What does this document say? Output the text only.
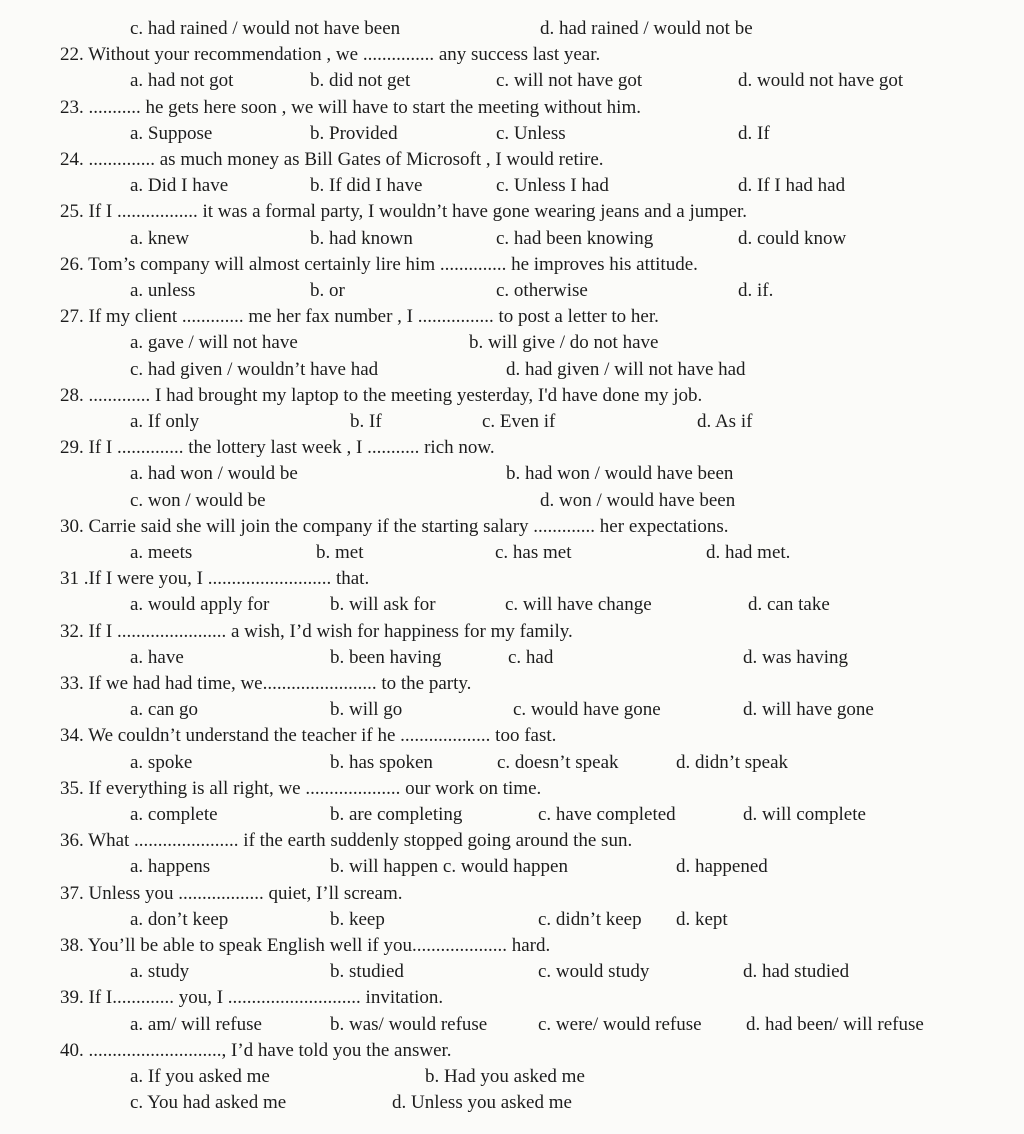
c. had rained / would not have been	d. had rained / would not be
22. Without your recommendation , we ............... any success last year.
a. had not got	b. did not get	c. will not have got	d. would not have got
23. ........... he gets here soon , we will have to start the meeting without him.
a. Suppose	b. Provided	c. Unless	d. If
24. .............. as much money as Bill Gates of Microsoft , I would retire.
a. Did I have	b. If did I have	c. Unless I had	d. If I had had
25. If I ................. it was a formal party, I wouldn’t have gone wearing jeans and a jumper.
a. knew	b. had known	c. had been knowing	d. could know
26. Tom’s company will almost certainly lire him .............. he improves his attitude.
a. unless	b. or	c. otherwise	d. if.
27. If my client ............. me her fax number , I ................ to post a letter to her.
a. gave / will not have	b. will give / do not have
c. had given / wouldn’t have had	d. had given / will not have had
28. ............. I had brought my laptop to the meeting yesterday, I'd have done my job.
a. If only	b. If	c. Even if	d. As if
29. If I .............. the lottery last week , I ........... rich now.
a. had won / would be	b. had won / would have been
c. won / would be	d. won / would have been
30. Carrie said she will join the company if the starting salary ............. her expectations.
a. meets	b. met	c. has met	d. had met.
31 .If I were you, I .......................... that.
a. would apply for	b. will ask for	c. will have change	d. can take
32. If I ....................... a wish, I’d wish for happiness for my family.
a. have	b. been having	c. had	d. was having
33. If we had had time, we........................ to the party.
a. can go	b. will go	c. would have gone	d. will have gone
34. We couldn’t understand the teacher if he ................... too fast.
a. spoke	b. has spoken	c. doesn’t speak	d. didn’t speak
35. If everything is all right, we .................... our work on time.
a. complete	b. are completing	c. have completed	d. will complete
36. What ...................... if the earth suddenly stopped going around the sun.
a. happens	b. will happen c. would happen	d. happened
37. Unless you .................. quiet, I’ll scream.
a. don’t keep	b. keep	c. didn’t keep d. kept
38. You’ll be able to speak English well if you.................... hard.
a. study	b. studied	c. would study	d. had studied
39. If I............. you, I ............................ invitation.
a. am/ will refuse	b. was/ would refuse	c. were/ would refuse d. had been/ will refuse
40. ............................, I’d have told you the answer.
a. If you asked me	b. Had you asked me
c. You had asked me	d. Unless you asked me
